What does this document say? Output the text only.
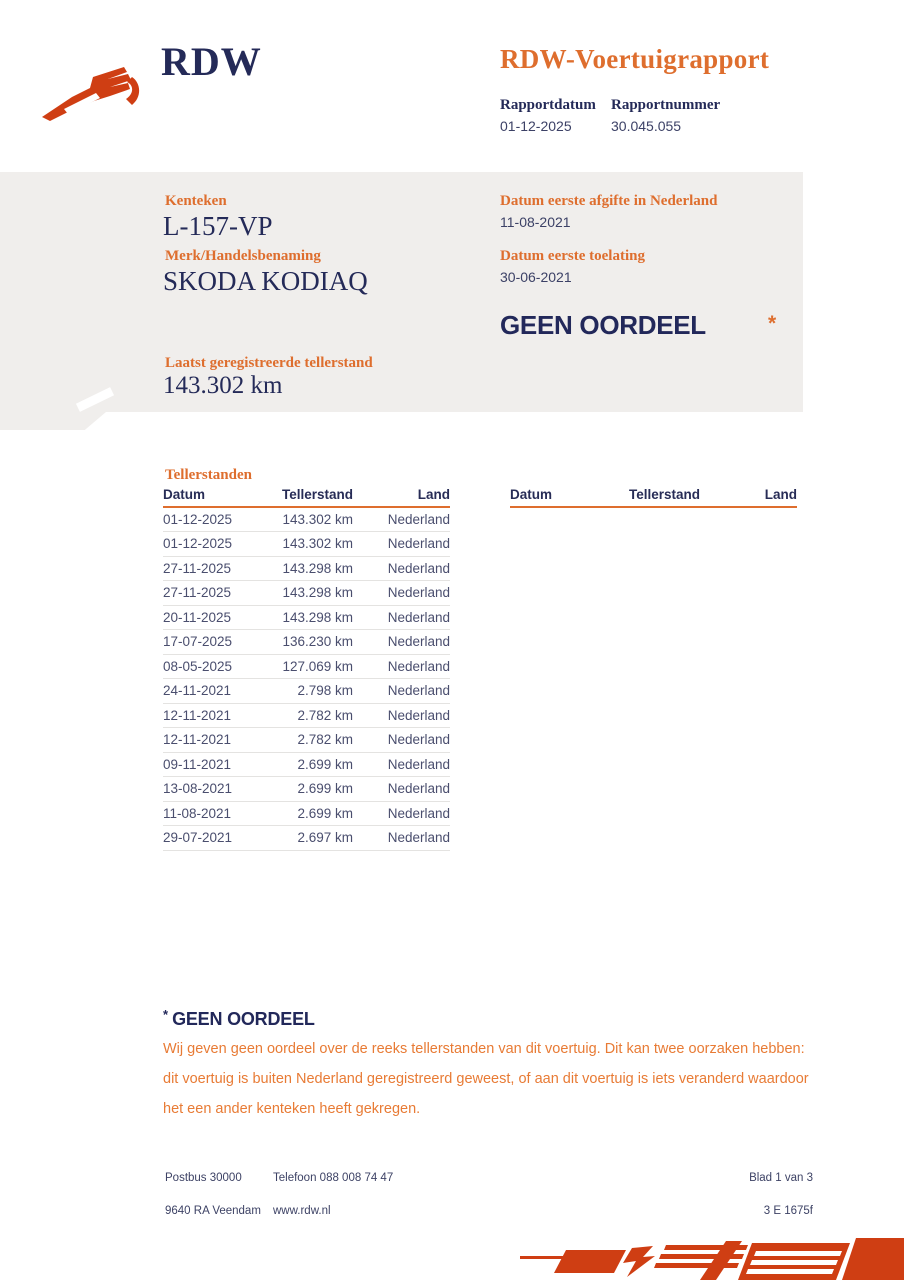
RDW	RDW-Voertuigrapport
Rapportdatum Rapportnummer
01-12-2025	30.045.055
Kenteken
L-157-VP
Merk/Handelsbenaming
SKODA KODIAQ
Laatst geregistreerde tellerstand
143.302 km
Datum eerste afgifte in Nederland
11-08-2021
Datum eerste toelating
30-06-2021
GEEN OORDEEL	*
Tellerstanden
Datum	Tellerstand	Land
01-12-2025	143.302 km	Nederland
01-12-2025	143.302 km	Nederland
27-11-2025	143.298 km	Nederland
27-11-2025	143.298 km	Nederland
20-11-2025	143.298 km	Nederland
17-07-2025	136.230 km	Nederland
08-05-2025	127.069 km	Nederland
24-11-2021	2.798 km	Nederland
12-11-2021	2.782 km	Nederland
12-11-2021	2.782 km	Nederland
09-11-2021	2.699 km	Nederland
13-08-2021	2.699 km	Nederland
11-08-2021	2.699 km	Nederland
29-07-2021	2.697 km	Nederland
Datum	Tellerstand	Land
* GEEN OORDEEL

Wij geven geen oordeel over de reeks tellerstanden van dit voertuig. Dit kan twee oorzaken hebben: dit voertuig is buiten Nederland geregistreerd geweest, of aan dit voertuig is iets veranderd waardoor het een ander kenteken heeft gekregen.

Postbus 30000
9640 RA Veendam
Telefoon 088 008 74 47
www.rdw.nl
Blad 1 van 3
3 E 1675f
